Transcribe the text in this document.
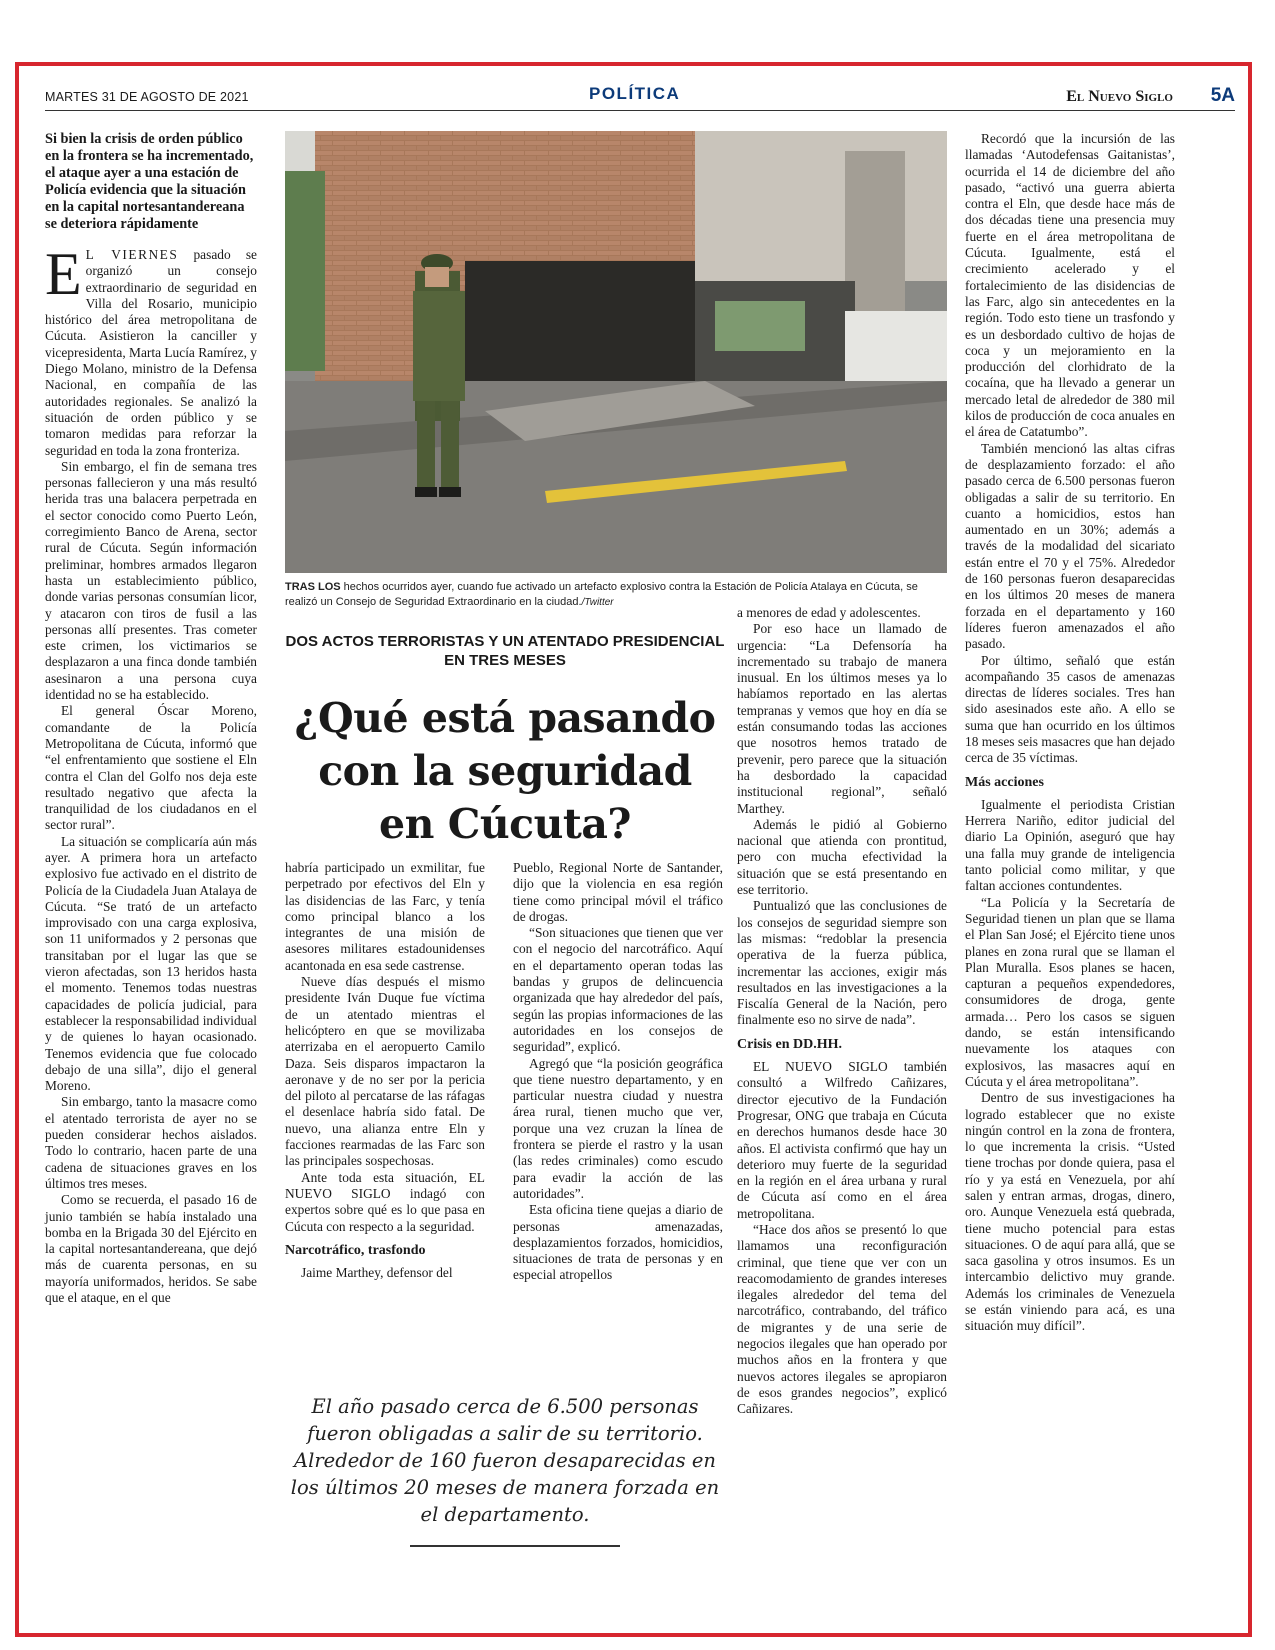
MARTES 31 DE AGOSTO DE 2021	POLÍTICA	El Nuevo Siglo 5A

Si bien la crisis de orden público en la frontera se ha incrementado, el ataque ayer a una estación de Policía evidencia que la situación en la capital nortesantandereana se deteriora rápidamente

E L VIERNES pasado se organizó un consejo extraordinario de seguridad en Villa del Rosario, municipio histórico del área metropolitana de Cúcuta. Asistieron la canciller y vicepresidenta, Marta Lucía Ramírez, y Diego Molano, ministro de la Defensa Nacional, en compañía de las autoridades regionales. Se analizó la situación de orden público y se tomaron medidas para reforzar la seguridad en toda la zona fronteriza.

Sin embargo, el fin de semana tres personas fallecieron y una más resultó herida tras una balacera perpetrada en el sector conocido como Puerto León, corregimiento Banco de Arena, sector rural de Cúcuta. Según información preliminar, hombres armados llegaron hasta un establecimiento público, donde varias personas consumían licor, y atacaron con tiros de fusil a las personas allí presentes. Tras cometer este crimen, los victimarios se desplazaron a una finca donde también asesinaron a una persona cuya identidad no se ha establecido.

El general Óscar Moreno, comandante de la Policía Metropolitana de Cúcuta, informó que “el enfrentamiento que sostiene el Eln contra el Clan del Golfo nos deja este resultado negativo que afecta la tranquilidad de los ciudadanos en el sector rural”.

La situación se complicaría aún más ayer. A primera hora un artefacto explosivo fue activado en el distrito de Policía de la Ciudadela Juan Atalaya de Cúcuta. “Se trató de un artefacto improvisado con una carga explosiva, son 11 uniformados y 2 personas que transitaban por el lugar las que se vieron afectadas, son 13 heridos hasta el momento. Tenemos todas nuestras capacidades de policía judicial, para establecer la responsabilidad individual y de quienes lo hayan ocasionado. Tenemos evidencia que fue colocado debajo de una silla”, dijo el general Moreno.

Sin embargo, tanto la masacre como el atentado terrorista de ayer no se pueden considerar hechos aislados. Todo lo contrario, hacen parte de una cadena de situaciones graves en los últimos tres meses.

Como se recuerda, el pasado 16 de junio también se había instalado una bomba en la Brigada 30 del Ejército en la capital nortesantandereana, que dejó más de cuarenta personas, en su mayoría uniformados, heridos. Se sabe que el ataque, en el que

TRAS LOS hechos ocurridos ayer, cuando fue activado un artefacto explosivo contra la Estación de Policía Atalaya en Cúcuta, se realizó un Consejo de Seguridad Extraordinario en la ciudad./Twitter
DOS ACTOS TERRORISTAS Y UN ATENTADO PRESIDENCIAL EN TRES MESES
¿Qué está pasando con la seguridad en Cúcuta?

habría participado un exmilitar, fue perpetrado por efectivos del Eln y las disidencias de las Farc, y tenía como principal blanco a los integrantes de una misión de asesores militares estadounidenses acantonada en esa sede castrense.

Nueve días después el mismo presidente Iván Duque fue víctima de un atentado mientras el helicóptero en que se movilizaba aterrizaba en el aeropuerto Camilo Daza. Seis disparos impactaron la aeronave y de no ser por la pericia del piloto al percatarse de las ráfagas el desenlace habría sido fatal. De nuevo, una alianza entre Eln y facciones rearmadas de las Farc son las principales sospechosas.

Ante toda esta situación, EL NUEVO SIGLO indagó con expertos sobre qué es lo que pasa en Cúcuta con respecto a la seguridad.

Narcotráfico, trasfondo

Jaime Marthey, defensor del

Pueblo, Regional Norte de Santander, dijo que la violencia en esa región tiene como principal móvil el tráfico de drogas.

“Son situaciones que tienen que ver con el negocio del narcotráfico. Aquí en el departamento operan todas las bandas y grupos de delincuencia organizada que hay alrededor del país, según las propias informaciones de las autoridades en los consejos de seguridad”, explicó.

Agregó que “la posición geográfica que tiene nuestro departamento, y en particular nuestra ciudad y nuestra área rural, tienen mucho que ver, porque una vez cruzan la línea de frontera se pierde el rastro y la usan (las redes criminales) como escudo para evadir la acción de las autoridades”.

Esta oficina tiene quejas a diario de personas amenazadas, desplazamientos forzados, homicidios, situaciones de trata de personas y en especial atropellos

El año pasado cerca de 6.500 personas fueron obligadas a salir de su territorio. Alrededor de 160 fueron desaparecidas en los últimos 20 meses de manera forzada en el departamento.

a menores de edad y adolescentes.

Por eso hace un llamado de urgencia: “La Defensoría ha incrementado su trabajo de manera inusual. En los últimos meses ya lo habíamos reportado en las alertas tempranas y vemos que hoy en día se están consumando todas las acciones que nosotros hemos tratado de prevenir, pero parece que la situación ha desbordado la capacidad institucional regional”, señaló Marthey.

Además le pidió al Gobierno nacional que atienda con prontitud, pero con mucha efectividad la situación que se está presentando en ese territorio.

Puntualizó que las conclusiones de los consejos de seguridad siempre son las mismas: “redoblar la presencia operativa de la fuerza pública, incrementar las acciones, exigir más resultados en las investigaciones a la Fiscalía General de la Nación, pero finalmente eso no sirve de nada”.

Crisis en DD.HH.

EL NUEVO SIGLO también consultó a Wilfredo Cañizares, director ejecutivo de la Fundación Progresar, ONG que trabaja en Cúcuta en derechos humanos desde hace 30 años. El activista confirmó que hay un deterioro muy fuerte de la seguridad en la región en el área urbana y rural de Cúcuta así como en el área metropolitana.

“Hace dos años se presentó lo que llamamos una reconfiguración criminal, que tiene que ver con un reacomodamiento de grandes intereses ilegales alrededor del tema del narcotráfico, contrabando, del tráfico de migrantes y de una serie de negocios ilegales que han operado por muchos años en la frontera y que nuevos actores ilegales se apropiaron de esos grandes negocios”, explicó Cañizares.

Recordó que la incursión de las llamadas ‘Autodefensas Gaitanistas’, ocurrida el 14 de diciembre del año pasado, “activó una guerra abierta contra el Eln, que desde hace más de dos décadas tiene una presencia muy fuerte en el área metropolitana de Cúcuta. Igualmente, está el crecimiento acelerado y el fortalecimiento de las disidencias de las Farc, algo sin antecedentes en la región. Todo esto tiene un trasfondo y es un desbordado cultivo de hojas de coca y un mejoramiento en la producción del clorhidrato de la cocaína, que ha llevado a generar un mercado letal de alrededor de 380 mil kilos de producción de coca anuales en el área de Catatumbo”.

También mencionó las altas cifras de desplazamiento forzado: el año pasado cerca de 6.500 personas fueron obligadas a salir de su territorio. En cuanto a homicidios, estos han aumentado en un 30%; además a través de la modalidad del sicariato están entre el 70 y el 75%. Alrededor de 160 personas fueron desaparecidas en los últimos 20 meses de manera forzada en el departamento y 160 líderes fueron amenazados el año pasado.

Por último, señaló que están acompañando 35 casos de amenazas directas de líderes sociales. Tres han sido asesinados este año. A ello se suma que han ocurrido en los últimos 18 meses seis masacres que han dejado cerca de 35 víctimas.

Más acciones

Igualmente el periodista Cristian Herrera Nariño, editor judicial del diario La Opinión, aseguró que hay una falla muy grande de inteligencia tanto policial como militar, y que faltan acciones contundentes.

“La Policía y la Secretaría de Seguridad tienen un plan que se llama el Plan San José; el Ejército tiene unos planes en zona rural que se llaman el Plan Muralla. Esos planes se hacen, capturan a pequeños expendedores, consumidores de droga, gente armada… Pero los casos se siguen dando, se están intensificando nuevamente los ataques con explosivos, las masacres aquí en Cúcuta y el área metropolitana”.

Dentro de sus investigaciones ha logrado establecer que no existe ningún control en la zona de frontera, lo que incrementa la crisis. “Usted tiene trochas por donde quiera, pasa el río y ya está en Venezuela, por ahí salen y entran armas, drogas, dinero, oro. Aunque Venezuela está quebrada, tiene mucho potencial para estas situaciones. O de aquí para allá, que se saca gasolina y otros insumos. Es un intercambio delictivo muy grande. Además los criminales de Venezuela se están viniendo para acá, es una situación muy difícil”.
